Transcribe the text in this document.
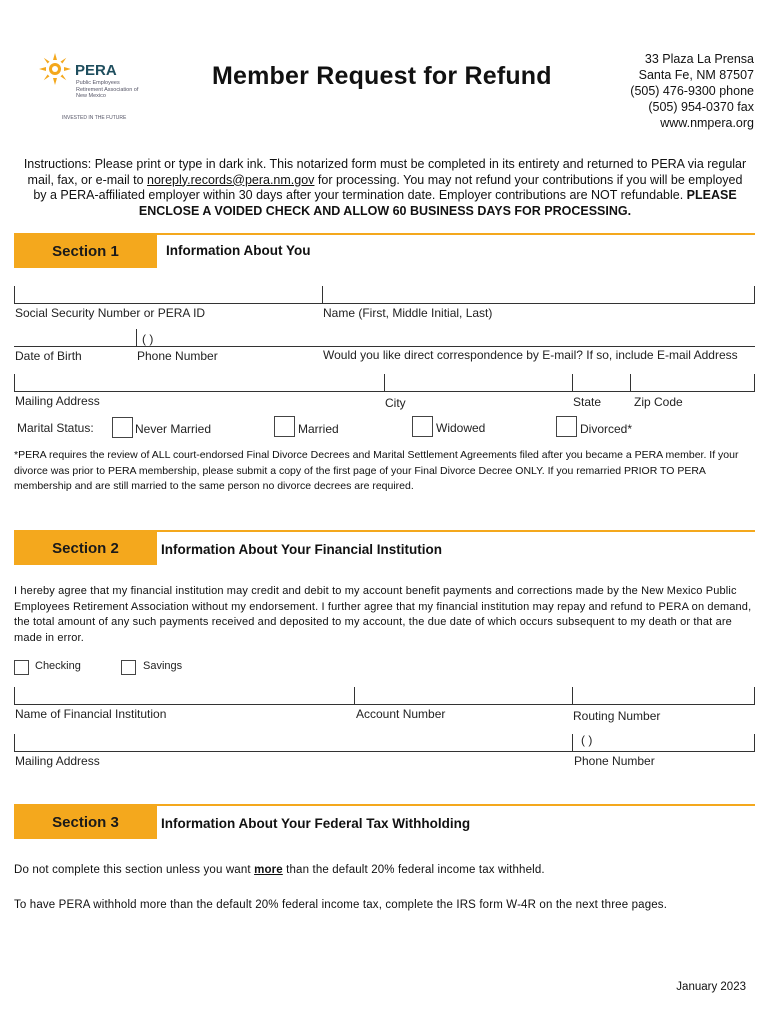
PERA
Public Employees Retirement Association of New Mexico
INVESTED IN THE FUTURE
Member Request for Refund
33 Plaza La Prensa
Santa Fe, NM 87507
(505) 476-9300 phone
(505) 954-0370 fax
www.nmpera.org
Instructions: Please print or type in dark ink. This notarized form must be completed in its entirety and returned to PERA via regular mail, fax, or e-mail to noreply.records@pera.nm.gov for processing. You may not refund your contributions if you will be employed by a PERA-affiliated employer within 30 days after your termination date. Employer contributions are NOT refundable. PLEASE ENCLOSE A VOIDED CHECK AND ALLOW 60 BUSINESS DAYS FOR PROCESSING.
Section 1	Information About You
Social Security Number or PERA ID	Name (First, Middle Initial, Last)
( )
Date of Birth	Phone Number	Would you like direct correspondence by E-mail? If so, include E-mail Address
Mailing Address	City	State	Zip Code
Marital Status:	Never Married	Married	Widowed	Divorced*
*PERA requires the review of ALL court-endorsed Final Divorce Decrees and Marital Settlement Agreements filed after you became a PERA member. If your divorce was prior to PERA membership, please submit a copy of the first page of your Final Divorce Decree ONLY. If you remarried PRIOR TO PERA membership and are still married to the same person no divorce decrees are required.
Section 2	Information About Your Financial Institution
I hereby agree that my financial institution may credit and debit to my account benefit payments and corrections made by the New Mexico Public Employees Retirement Association without my endorsement. I further agree that my financial institution may repay and refund to PERA on demand, the total amount of any such payments received and deposited to my account, the due date of which occurs subsequent to my death or that are made in error.
Checking	Savings
Name of Financial Institution	Account Number	Routing Number
( )
Mailing Address	Phone Number
Section 3	Information About Your Federal Tax Withholding
Do not complete this section unless you want more than the default 20% federal income tax withheld.
To have PERA withhold more than the default 20% federal income tax, complete the IRS form W-4R on the next three pages.
January 2023
